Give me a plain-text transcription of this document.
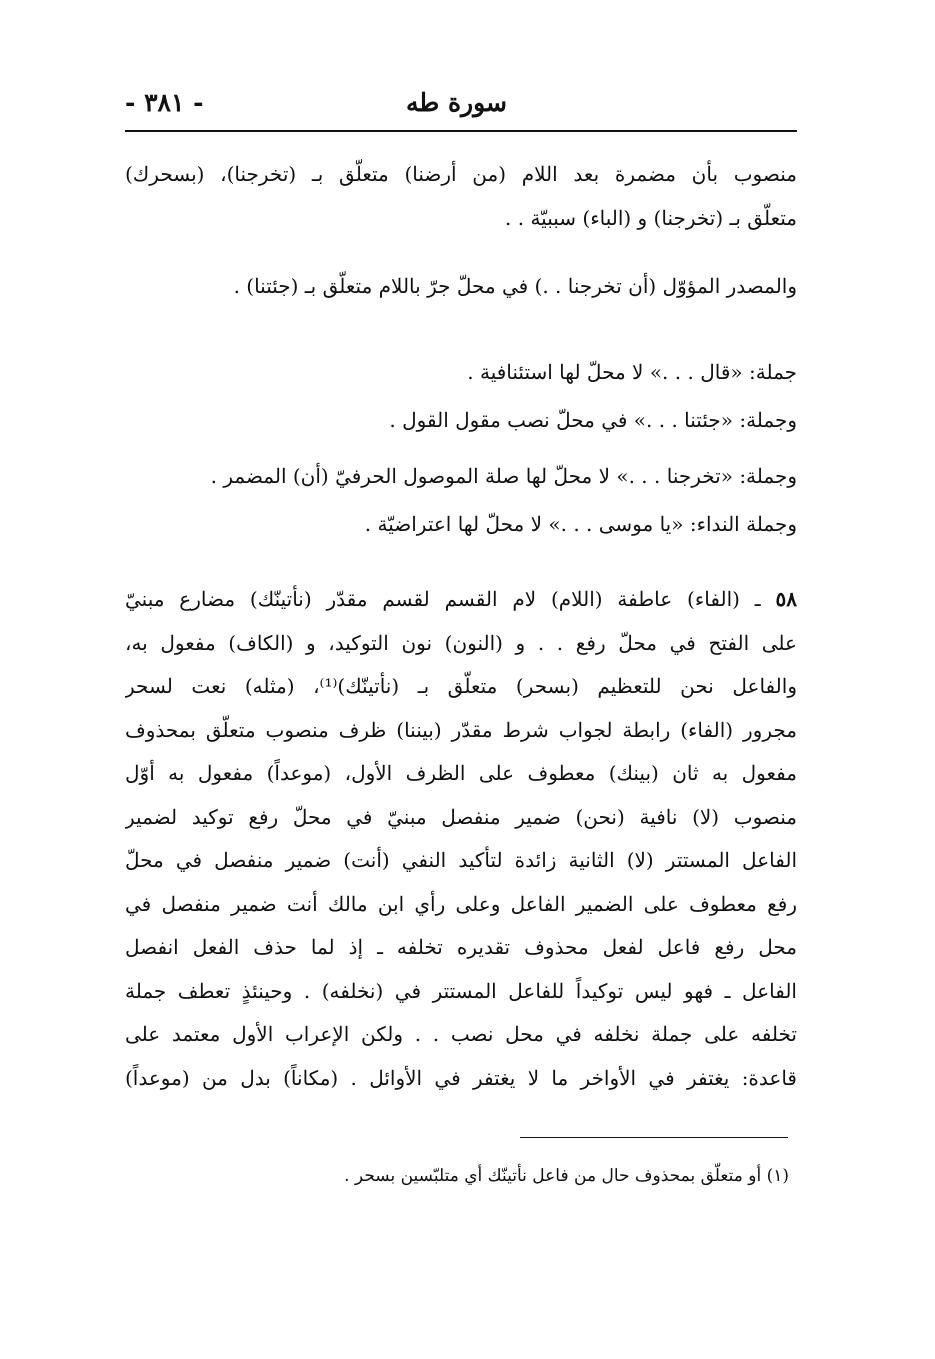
سورة طه
- ٣٨١ -

منصوب بأن مضمرة بعد اللام (من أرضنا) متعلّق بـ (تخرجنا)، (بسحرك)

متعلّق بـ (تخرجنا) و (الباء) سببيّة . .

والمصدر المؤوّل (أن تخرجنا . .) في محلّ جرّ باللام متعلّق بـ (جئتنا) .

جملة: «قال . . .» لا محلّ لها استئنافية .

وجملة: «جئتنا . . .» في محلّ نصب مقول القول .

وجملة: «تخرجنا . . .» لا محلّ لها صلة الموصول الحرفيّ (أن) المضمر .

وجملة النداء: «يا موسى . . .» لا محلّ لها اعتراضيّة .

٥٨ ـ (الفاء) عاطفة (اللام) لام القسم لقسم مقدّر (نأتينّك) مضارع مبنيّ

على الفتح في محلّ رفع . . و (النون) نون التوكيد، و (الكاف) مفعول به،

والفاعل نحن للتعظيم (بسحر) متعلّق بـ (نأتينّك)⁽¹⁾، (مثله) نعت لسحر

مجرور (الفاء) رابطة لجواب شرط مقدّر (بيننا) ظرف منصوب متعلّق بمحذوف

مفعول به ثان (بينك) معطوف على الظرف الأول، (موعداً) مفعول به أوّل

منصوب (لا) نافية (نحن) ضمير منفصل مبنيّ في محلّ رفع توكيد لضمير

الفاعل المستتر (لا) الثانية زائدة لتأكيد النفي (أنت) ضمير منفصل في محلّ

رفع معطوف على الضمير الفاعل وعلى رأي ابن مالك أنت ضمير منفصل في

محل رفع فاعل لفعل محذوف تقديره تخلفه ـ إذ لما حذف الفعل انفصل

الفاعل ـ فهو ليس توكيداً للفاعل المستتر في (نخلفه) . وحينئذٍ تعطف جملة

تخلفه على جملة نخلفه في محل نصب . . ولكن الإعراب الأول معتمد على

قاعدة: يغتفر في الأواخر ما لا يغتفر في الأوائل . (مكاناً) بدل من (موعداً)

(١) أو متعلّق بمحذوف حال من فاعل نأتينّك أي متلبّسين بسحر .
